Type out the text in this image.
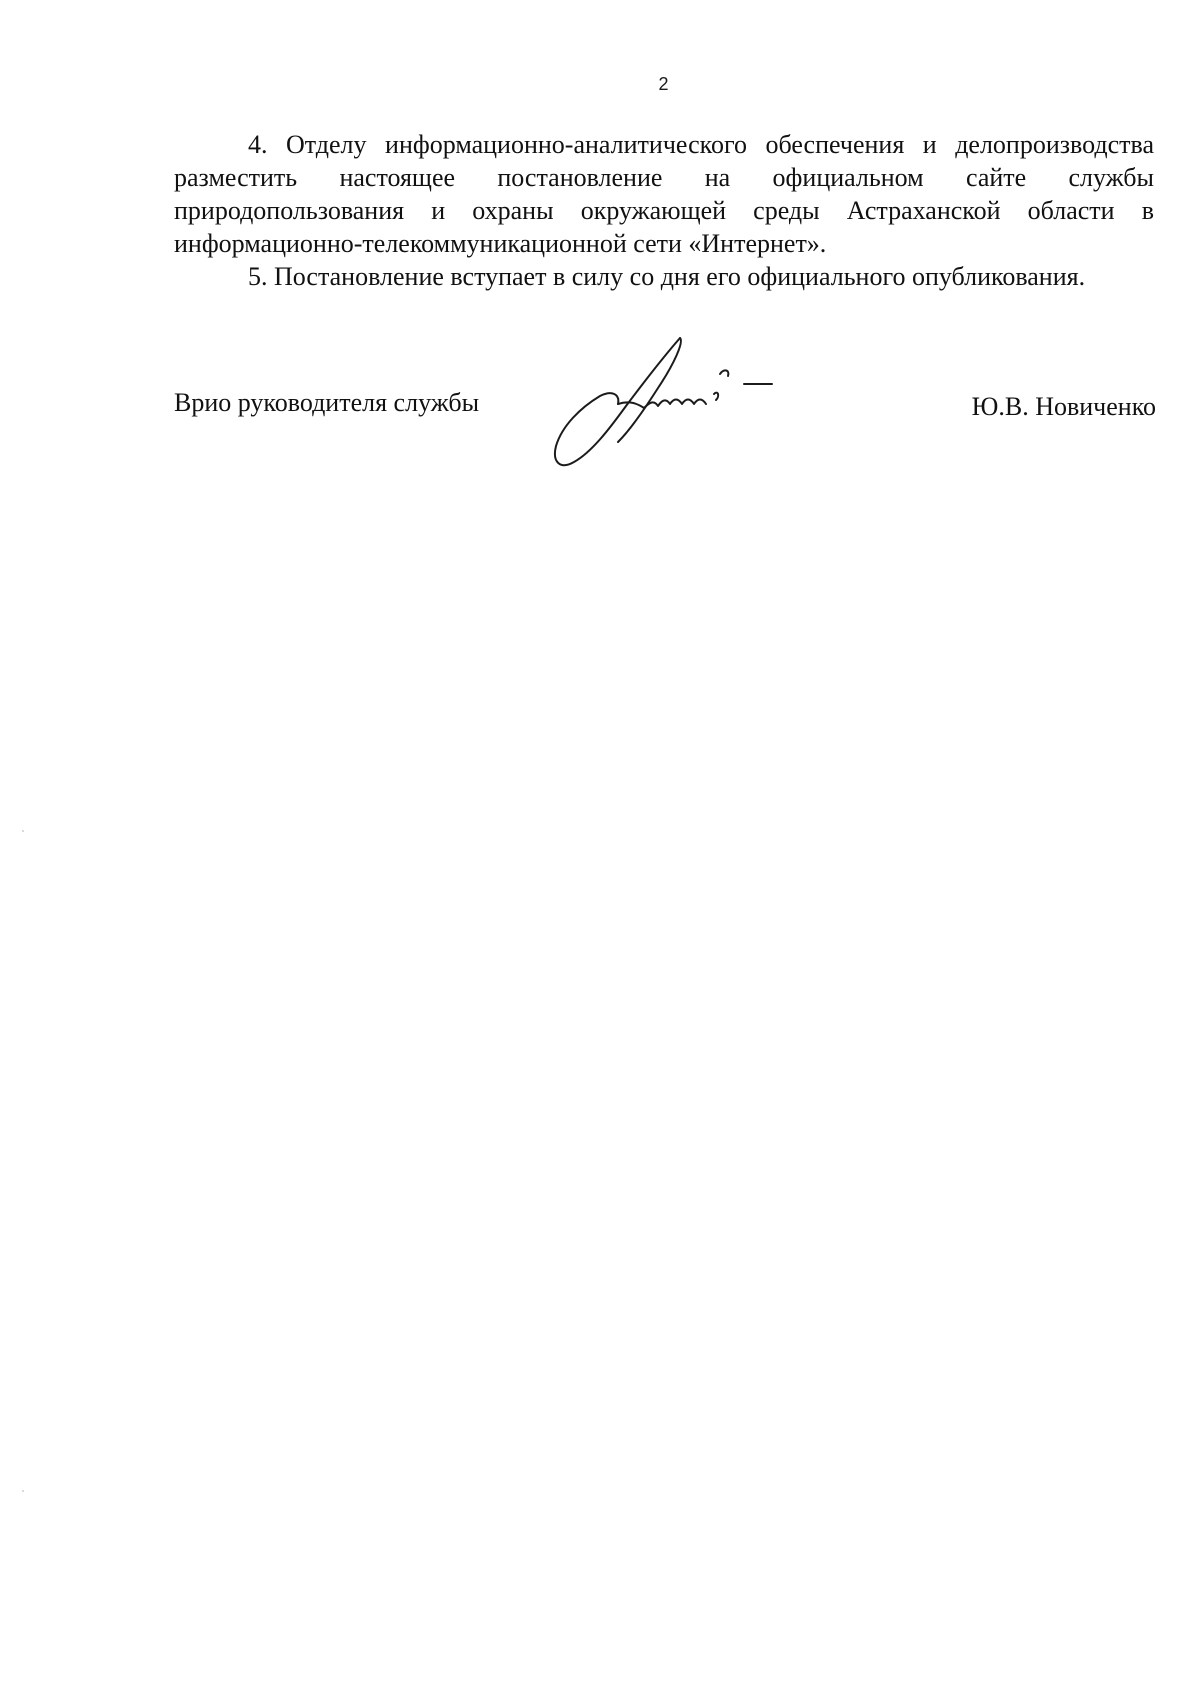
2

4. Отделу информационно-аналитического обеспечения и делопроизводства разместить настоящее постановление на официальном сайте службы природопользования и охраны окружающей среды Астраханской области в информационно-телекоммуникационной сети «Интернет».

5. Постановление вступает в силу со дня его официального опубликования.

Врио руководителя службы	Ю.В. Новиченко
